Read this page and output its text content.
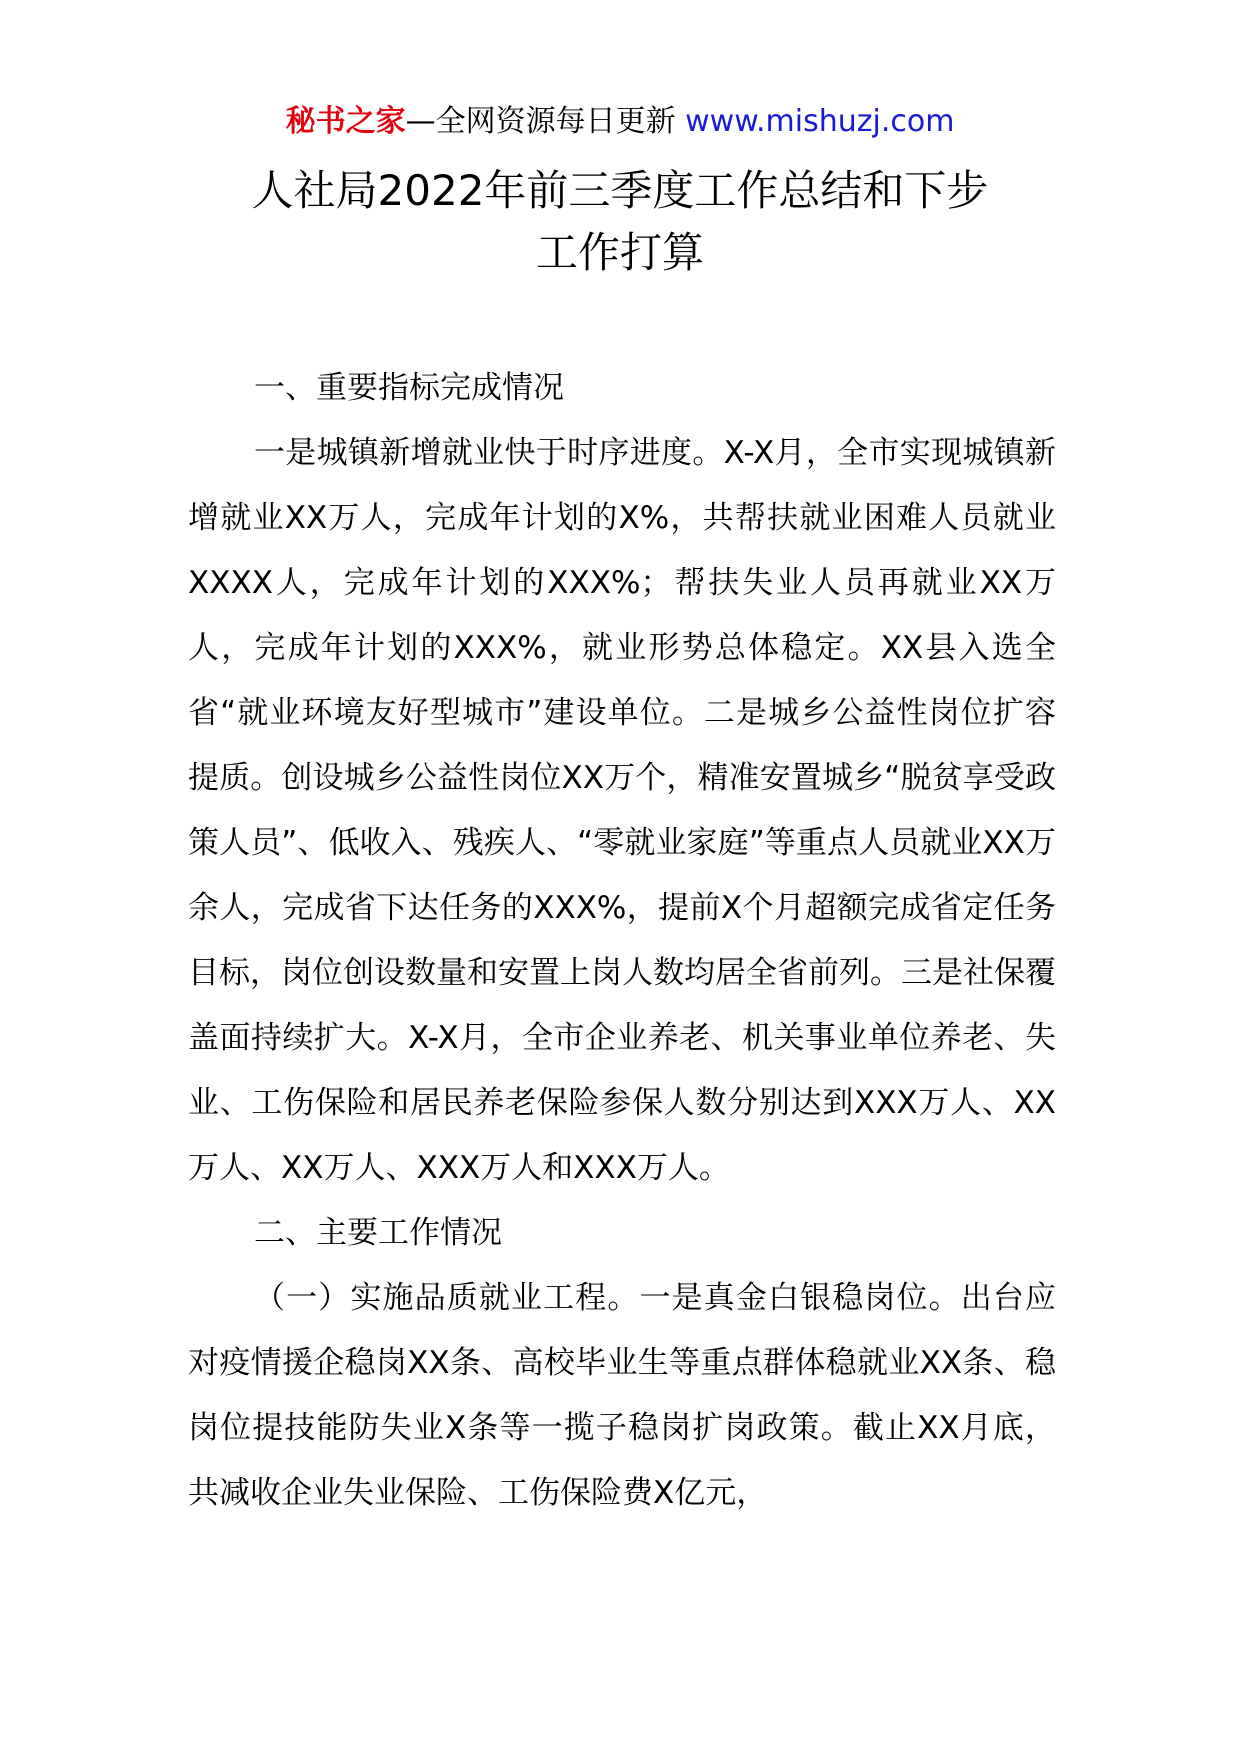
秘书之家—全网资源每日更新 www.mishuzj.com
人社局2022年前三季度工作总结和下步
工作打算

一、重要指标完成情况

一是城镇新增就业快于时序进度。X-X月，全市实现城镇新增就业XX万人，完成年计划的X%，共帮扶就业困难人员就业XXXX人，完成年计划的XXX%；帮扶失业人员再就业XX万人，完成年计划的XXX%，就业形势总体稳定。XX县入选全省“就业环境友好型城市”建设单位。二是城乡公益性岗位扩容提质。创设城乡公益性岗位XX万个，精准安置城乡“脱贫享受政策人员”、低收入、残疾人、“零就业家庭”等重点人员就业XX万余人，完成省下达任务的XXX%，提前X个月超额完成省定任务目标，岗位创设数量和安置上岗人数均居全省前列。三是社保覆盖面持续扩大。X-X月，全市企业养老、机关事业单位养老、失业、工伤保险和居民养老保险参保人数分别达到XXX万人、XX万人、XX万人、XXX万人和XXX万人。

二、主要工作情况

（一）实施品质就业工程。一是真金白银稳岗位。出台应对疫情援企稳岗XX条、高校毕业生等重点群体稳就业XX条、稳岗位提技能防失业X条等一揽子稳岗扩岗政策。截止XX月底，共减收企业失业保险、工伤保险费X亿元，
